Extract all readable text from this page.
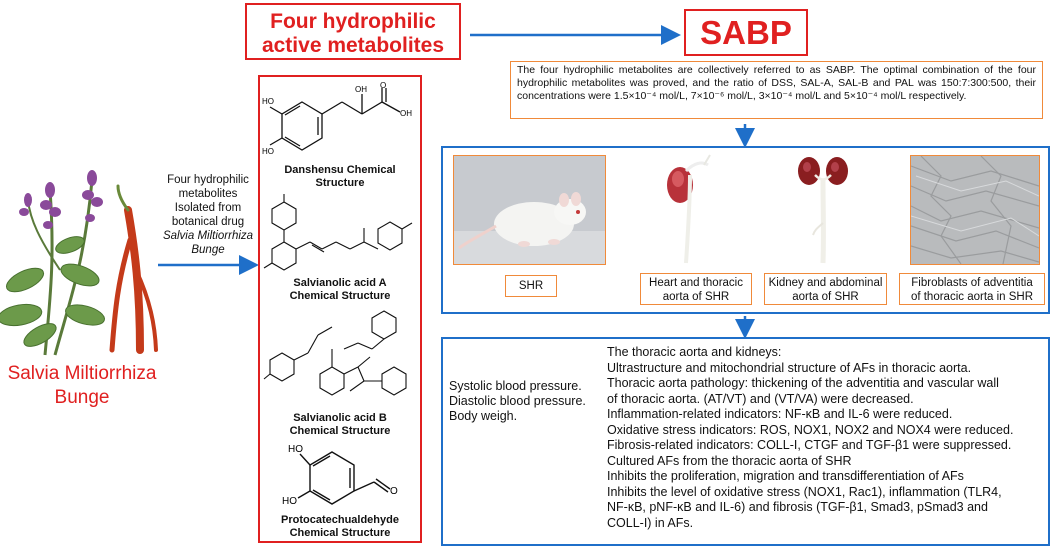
Four hydrophilic active metabolites	SABP
The four hydrophilic metabolites are collectively referred to as SABP. The optimal combination of the four hydrophilic metabolites was proved, and the ratio of DSS, SAL-A, SAL-B and PAL was 150:7:300:500, their concentrations were 1.5×10⁻⁴ mol/L, 7×10⁻⁶ mol/L, 3×10⁻⁴ mol/L and 5×10⁻⁴ mol/L respectively.
Salvia Miltiorrhiza
Bunge
Four hydrophilic
metabolites
Isolated from
botanical drug
Salvia Miltiorrhiza
Bunge
HO
HO
OH O
OH
Danshensu Chemical
Structure
Salvianolic acid A
Chemical Structure
Salvianolic acid B
Chemical Structure
HO
HO
O
Protocatechualdehyde
Chemical Structure
SHR	Heart and thoracic
aorta of SHR
Kidney and abdominal
aorta of SHR
Fibroblasts of adventitia
of thoracic aorta in SHR
Systolic blood pressure.
Diastolic blood pressure.
Body weigh.
The thoracic aorta and kidneys:
Ultrastructure and mitochondrial structure of AFs in thoracic aorta.
Thoracic aorta pathology: thickening of the adventitia and vascular wall
of thoracic aorta. (AT/VT) and (VT/VA) were decreased.
Inflammation-related indicators: NF-κB and IL-6 were reduced.
Oxidative stress indicators: ROS, NOX1, NOX2 and NOX4 were reduced.
Fibrosis-related indicators: COLL-I, CTGF and TGF-β1 were suppressed.
Cultured AFs from the thoracic aorta of SHR
Inhibits the proliferation, migration and transdifferentiation of AFs
Inhibits the level of oxidative stress (NOX1, Rac1), inflammation (TLR4,
NF-κB, pNF-κB and IL-6) and fibrosis (TGF-β1, Smad3, pSmad3 and
COLL-I) in AFs.
